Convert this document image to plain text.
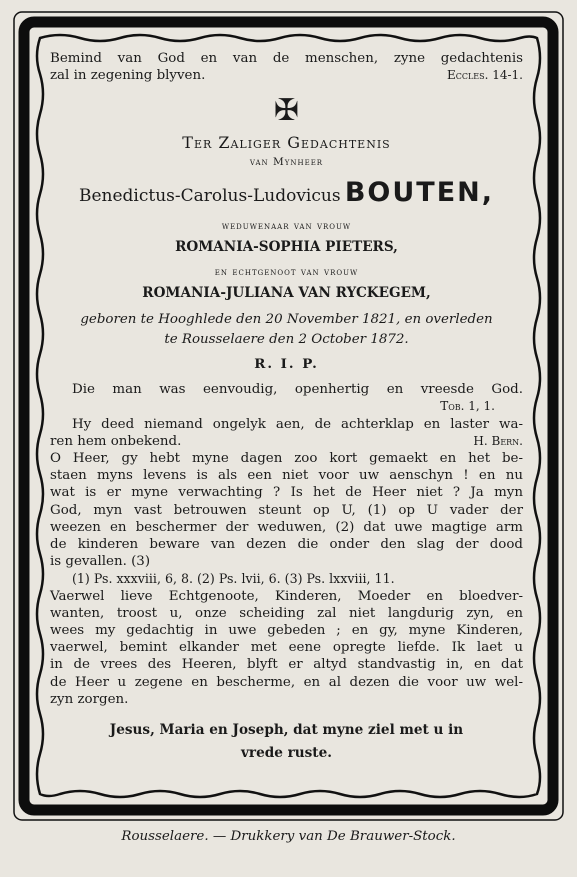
Bemind van God en van de menschen, zyne gedachtenis
zal in zegening blyven.	Eccles. 14-1.
✠
Ter Zaliger Gedachtenis
van Mynheer
Benedictus-Carolus-Ludovicus BOUTEN,
weduwenaar van vrouw
ROMANIA-SOPHIA PIETERS,
en echtgenoot van vrouw
ROMANIA-JULIANA VAN RYCKEGEM,
geboren te Hooghlede den 20 November 1821, en overleden
te Rousselaere den 2 October 1872.
R. I. P.
Die man was eenvoudig, openhertig en vreesde God.
Tob. 1, 1.
Hy deed niemand ongelyk aen, de achterklap en laster wa-
ren hem onbekend.	H. Bern.
O Heer, gy hebt myne dagen zoo kort gemaekt en het be-
staen myns levens is als een niet voor uw aenschyn ! en nu
wat is er myne verwachting ? Is het de Heer niet ? Ja myn
God, myn vast betrouwen steunt op U, (1) op U vader der
weezen en beschermer der weduwen, (2) dat uwe magtige arm
de kinderen beware van dezen die onder den slag der dood
is gevallen. (3)
(1) Ps. xxxviii, 6, 8. (2) Ps. lvii, 6. (3) Ps. lxxviii, 11.
Vaerwel lieve Echtgenoote, Kinderen, Moeder en bloedver-
wanten, troost u, onze scheiding zal niet langdurig zyn, en
wees my gedachtig in uwe gebeden ; en gy, myne Kinderen,
vaerwel, bemint elkander met eene opregte liefde. Ik laet u
in de vrees des Heeren, blyft er altyd standvastig in, en dat
de Heer u zegene en bescherme, en al dezen die voor uw wel-
zyn zorgen.
Jesus, Maria en Joseph, dat myne ziel met u in
vrede ruste.
Rousselaere. — Drukkery van De Brauwer-Stock.
